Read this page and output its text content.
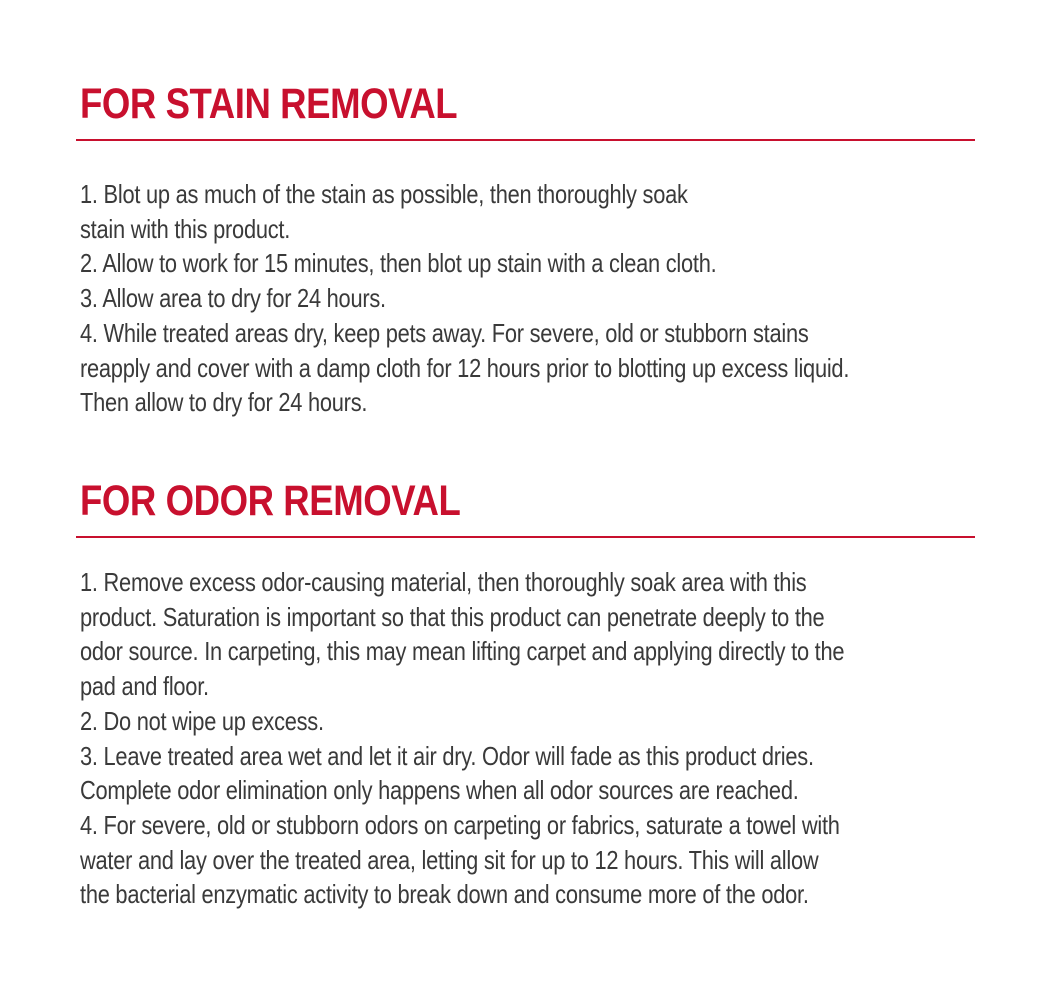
FOR STAIN REMOVAL
1. Blot up as much of the stain as possible, then thoroughly soak
stain with this product.
2. Allow to work for 15 minutes, then blot up stain with a clean cloth.
3. Allow area to dry for 24 hours.
4. While treated areas dry, keep pets away. For severe, old or stubborn stains
reapply and cover with a damp cloth for 12 hours prior to blotting up excess liquid.
Then allow to dry for 24 hours.
FOR ODOR REMOVAL
1. Remove excess odor-causing material, then thoroughly soak area with this
product. Saturation is important so that this product can penetrate deeply to the
odor source. In carpeting, this may mean lifting carpet and applying directly to the
pad and floor.
2. Do not wipe up excess.
3. Leave treated area wet and let it air dry. Odor will fade as this product dries.
Complete odor elimination only happens when all odor sources are reached.
4. For severe, old or stubborn odors on carpeting or fabrics, saturate a towel with
water and lay over the treated area, letting sit for up to 12 hours. This will allow
the bacterial enzymatic activity to break down and consume more of the odor.
